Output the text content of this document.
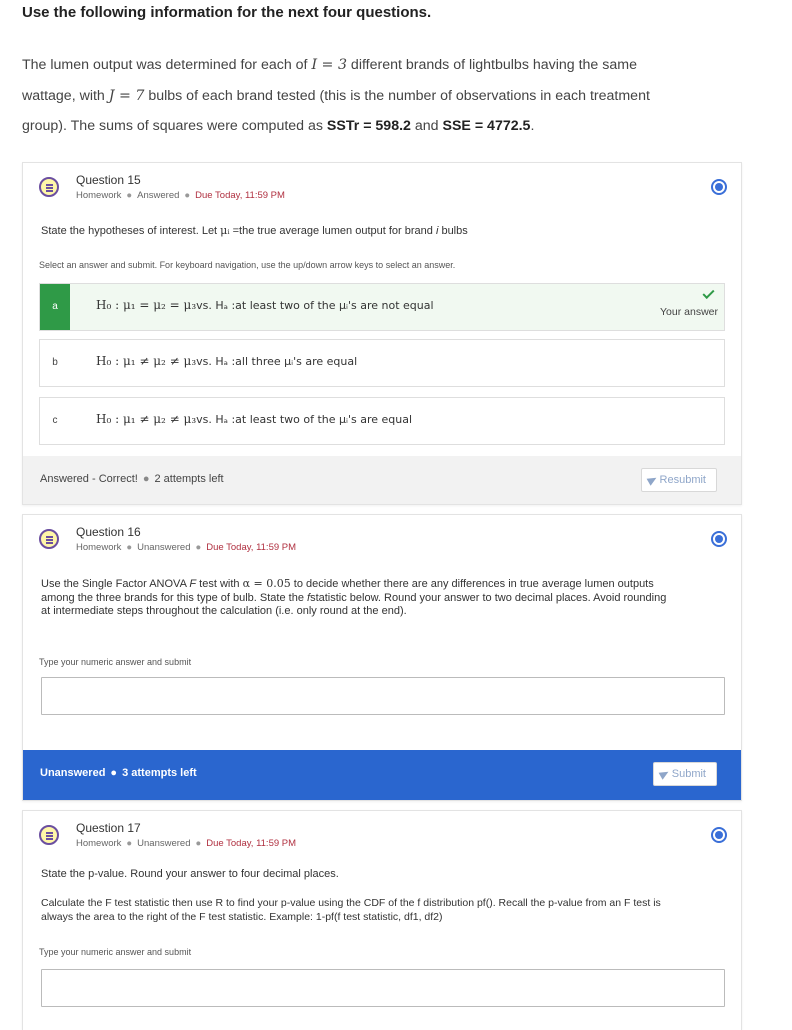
Use the following information for the next four questions.
The lumen output was determined for each of I = 3 different brands of lightbulbs having the same
wattage, with J = 7 bulbs of each brand tested (this is the number of observations in each treatment
group). The sums of squares were computed as SSTr = 598.2 and SSE = 4772.5.
Question 15
Homework ● Answered ● Due Today, 11:59 PM
State the hypotheses of interest. Let μᵢ =the true average lumen output for brand i bulbs
Select an answer and submit. For keyboard navigation, use the up/down arrow keys to select an answer.
a	H₀ : μ₁ = μ₂ = μ₃vs. Hₐ :at least two of the μᵢ's are not equal	Your answer
b	H₀ : μ₁ ≠ μ₂ ≠ μ₃vs. Hₐ :all three μᵢ's are equal
c	H₀ : μ₁ ≠ μ₂ ≠ μ₃vs. Hₐ :at least two of the μᵢ's are equal
Answered - Correct! ● 2 attempts left	Resubmit
Question 16
Homework ● Unanswered ● Due Today, 11:59 PM
Use the Single Factor ANOVA F test with α = 0.05 to decide whether there are any differences in true average lumen outputs
among the three brands for this type of bulb. State the fstatistic below. Round your answer to two decimal places. Avoid rounding
at intermediate steps throughout the calculation (i.e. only round at the end).
Type your numeric answer and submit
Unanswered ● 3 attempts left	Submit
Question 17
Homework ● Unanswered ● Due Today, 11:59 PM
State the p-value. Round your answer to four decimal places.
Calculate the F test statistic then use R to find your p-value using the CDF of the f distribution pf(). Recall the p-value from an F test is
always the area to the right of the F test statistic. Example: 1-pf(f test statistic, df1, df2)
Type your numeric answer and submit
